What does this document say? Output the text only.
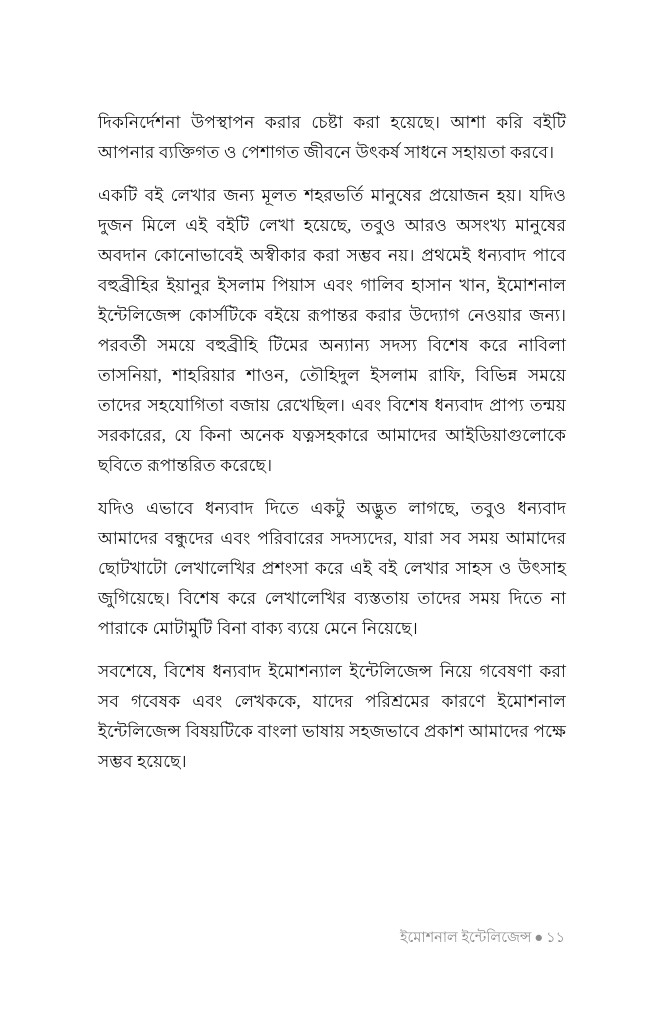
দিকনির্দেশনা উপস্থাপন করার চেষ্টা করা হয়েছে। আশা করি বইটি আপনার ব্যক্তিগত ও পেশাগত জীবনে উৎকর্ষ সাধনে সহায়তা করবে।

একটি বই লেখার জন্য মূলত শহরভর্তি মানুষের প্রয়োজন হয়। যদিও দুজন মিলে এই বইটি লেখা হয়েছে, তবুও আরও অসংখ্য মানুষের অবদান কোনোভাবেই অস্বীকার করা সম্ভব নয়। প্রথমেই ধন্যবাদ পাবে বহুব্রীহির ইয়ানুর ইসলাম পিয়াস এবং গালিব হাসান খান, ইমোশনাল ইন্টেলিজেন্স কোর্সটিকে বইয়ে রূপান্তর করার উদ্যোগ নেওয়ার জন্য। পরবর্তী সময়ে বহুব্রীহি টিমের অন্যান্য সদস্য বিশেষ করে নাবিলা তাসনিয়া, শাহরিয়ার শাওন, তৌহিদুল ইসলাম রাফি, বিভিন্ন সময়ে তাদের সহযোগিতা বজায় রেখেছিল। এবং বিশেষ ধন্যবাদ প্রাপ্য তন্ময় সরকারের, যে কিনা অনেক যত্নসহকারে আমাদের আইডিয়াগুলোকে ছবিতে রূপান্তরিত করেছে।

যদিও এভাবে ধন্যবাদ দিতে একটু অদ্ভুত লাগছে, তবুও ধন্যবাদ আমাদের বন্ধুদের এবং পরিবারের সদস্যদের, যারা সব সময় আমাদের ছোটখাটো লেখালেখির প্রশংসা করে এই বই লেখার সাহস ও উৎসাহ জুগিয়েছে। বিশেষ করে লেখালেখির ব্যস্ততায় তাদের সময় দিতে না পারাকে মোটামুটি বিনা বাক্য ব্যয়ে মেনে নিয়েছে।

সবশেষে, বিশেষ ধন্যবাদ ইমোশন্যাল ইন্টেলিজেন্স নিয়ে গবেষণা করা সব গবেষক এবং লেখককে, যাদের পরিশ্রমের কারণে ইমোশনাল ইন্টেলিজেন্স বিষয়টিকে বাংলা ভাষায় সহজভাবে প্রকাশ আমাদের পক্ষে সম্ভব হয়েছে।

ইমোশনাল ইন্টেলিজেন্স ● ১১
